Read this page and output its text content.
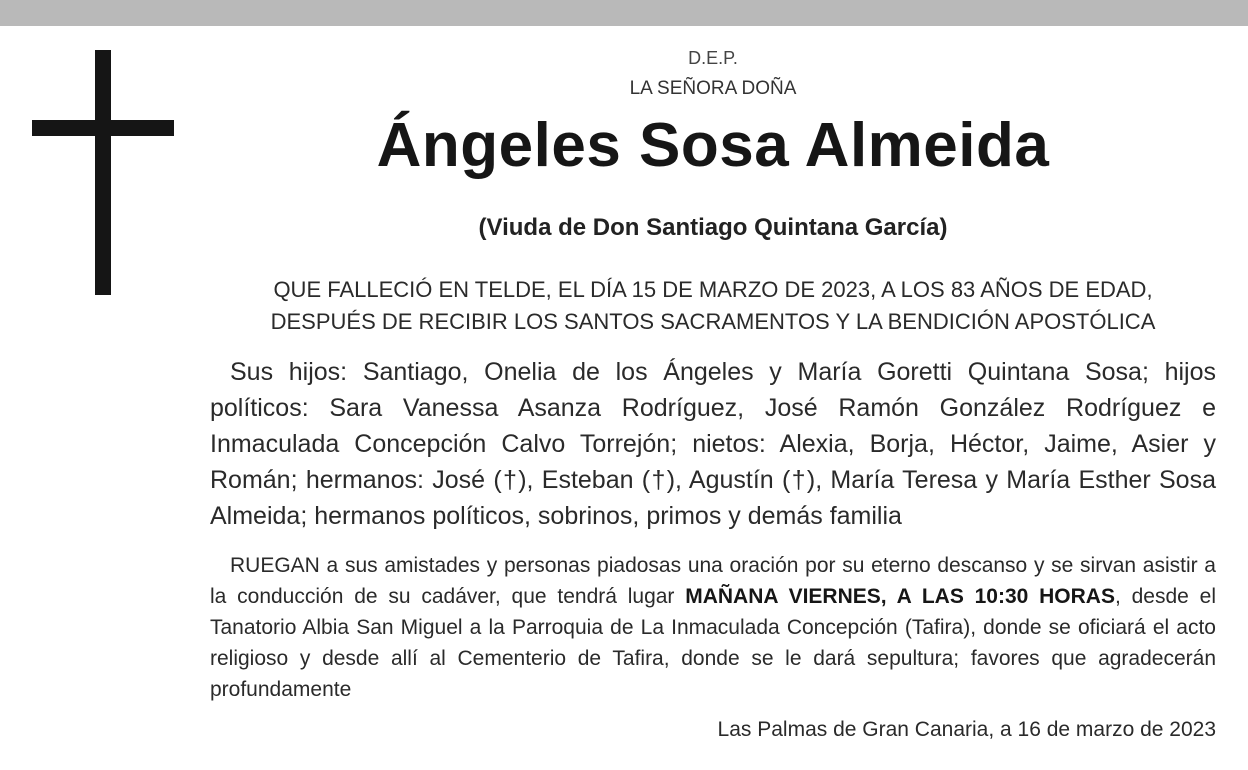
D.E.P.
LA SEÑORA DOÑA
Ángeles Sosa Almeida
(Viuda de Don Santiago Quintana García)
QUE FALLECIÓ EN TELDE, EL DÍA 15 DE MARZO DE 2023, A LOS 83 AÑOS DE EDAD,
DESPUÉS DE RECIBIR LOS SANTOS SACRAMENTOS Y LA BENDICIÓN APOSTÓLICA
Sus hijos: Santiago, Onelia de los Ángeles y María Goretti Quintana Sosa; hijos políticos: Sara Vanessa Asanza Rodríguez, José Ramón González Rodríguez e Inmaculada Concepción Calvo Torrejón; nietos: Alexia, Borja, Héctor, Jaime, Asier y Román; hermanos: José (†), Esteban (†), Agustín (†), María Teresa y María Esther Sosa Almeida; hermanos políticos, sobrinos, primos y demás familia
RUEGAN a sus amistades y personas piadosas una oración por su eterno descanso y se sirvan asistir a la conducción de su cadáver, que tendrá lugar MAÑANA VIERNES, A LAS 10:30 HORAS, desde el Tanatorio Albia San Miguel a la Parroquia de La Inmaculada Concepción (Tafira), donde se oficiará el acto religioso y desde allí al Cementerio de Tafira, donde se le dará sepultura; favores que agradecerán profundamente
Las Palmas de Gran Canaria, a 16 de marzo de 2023
